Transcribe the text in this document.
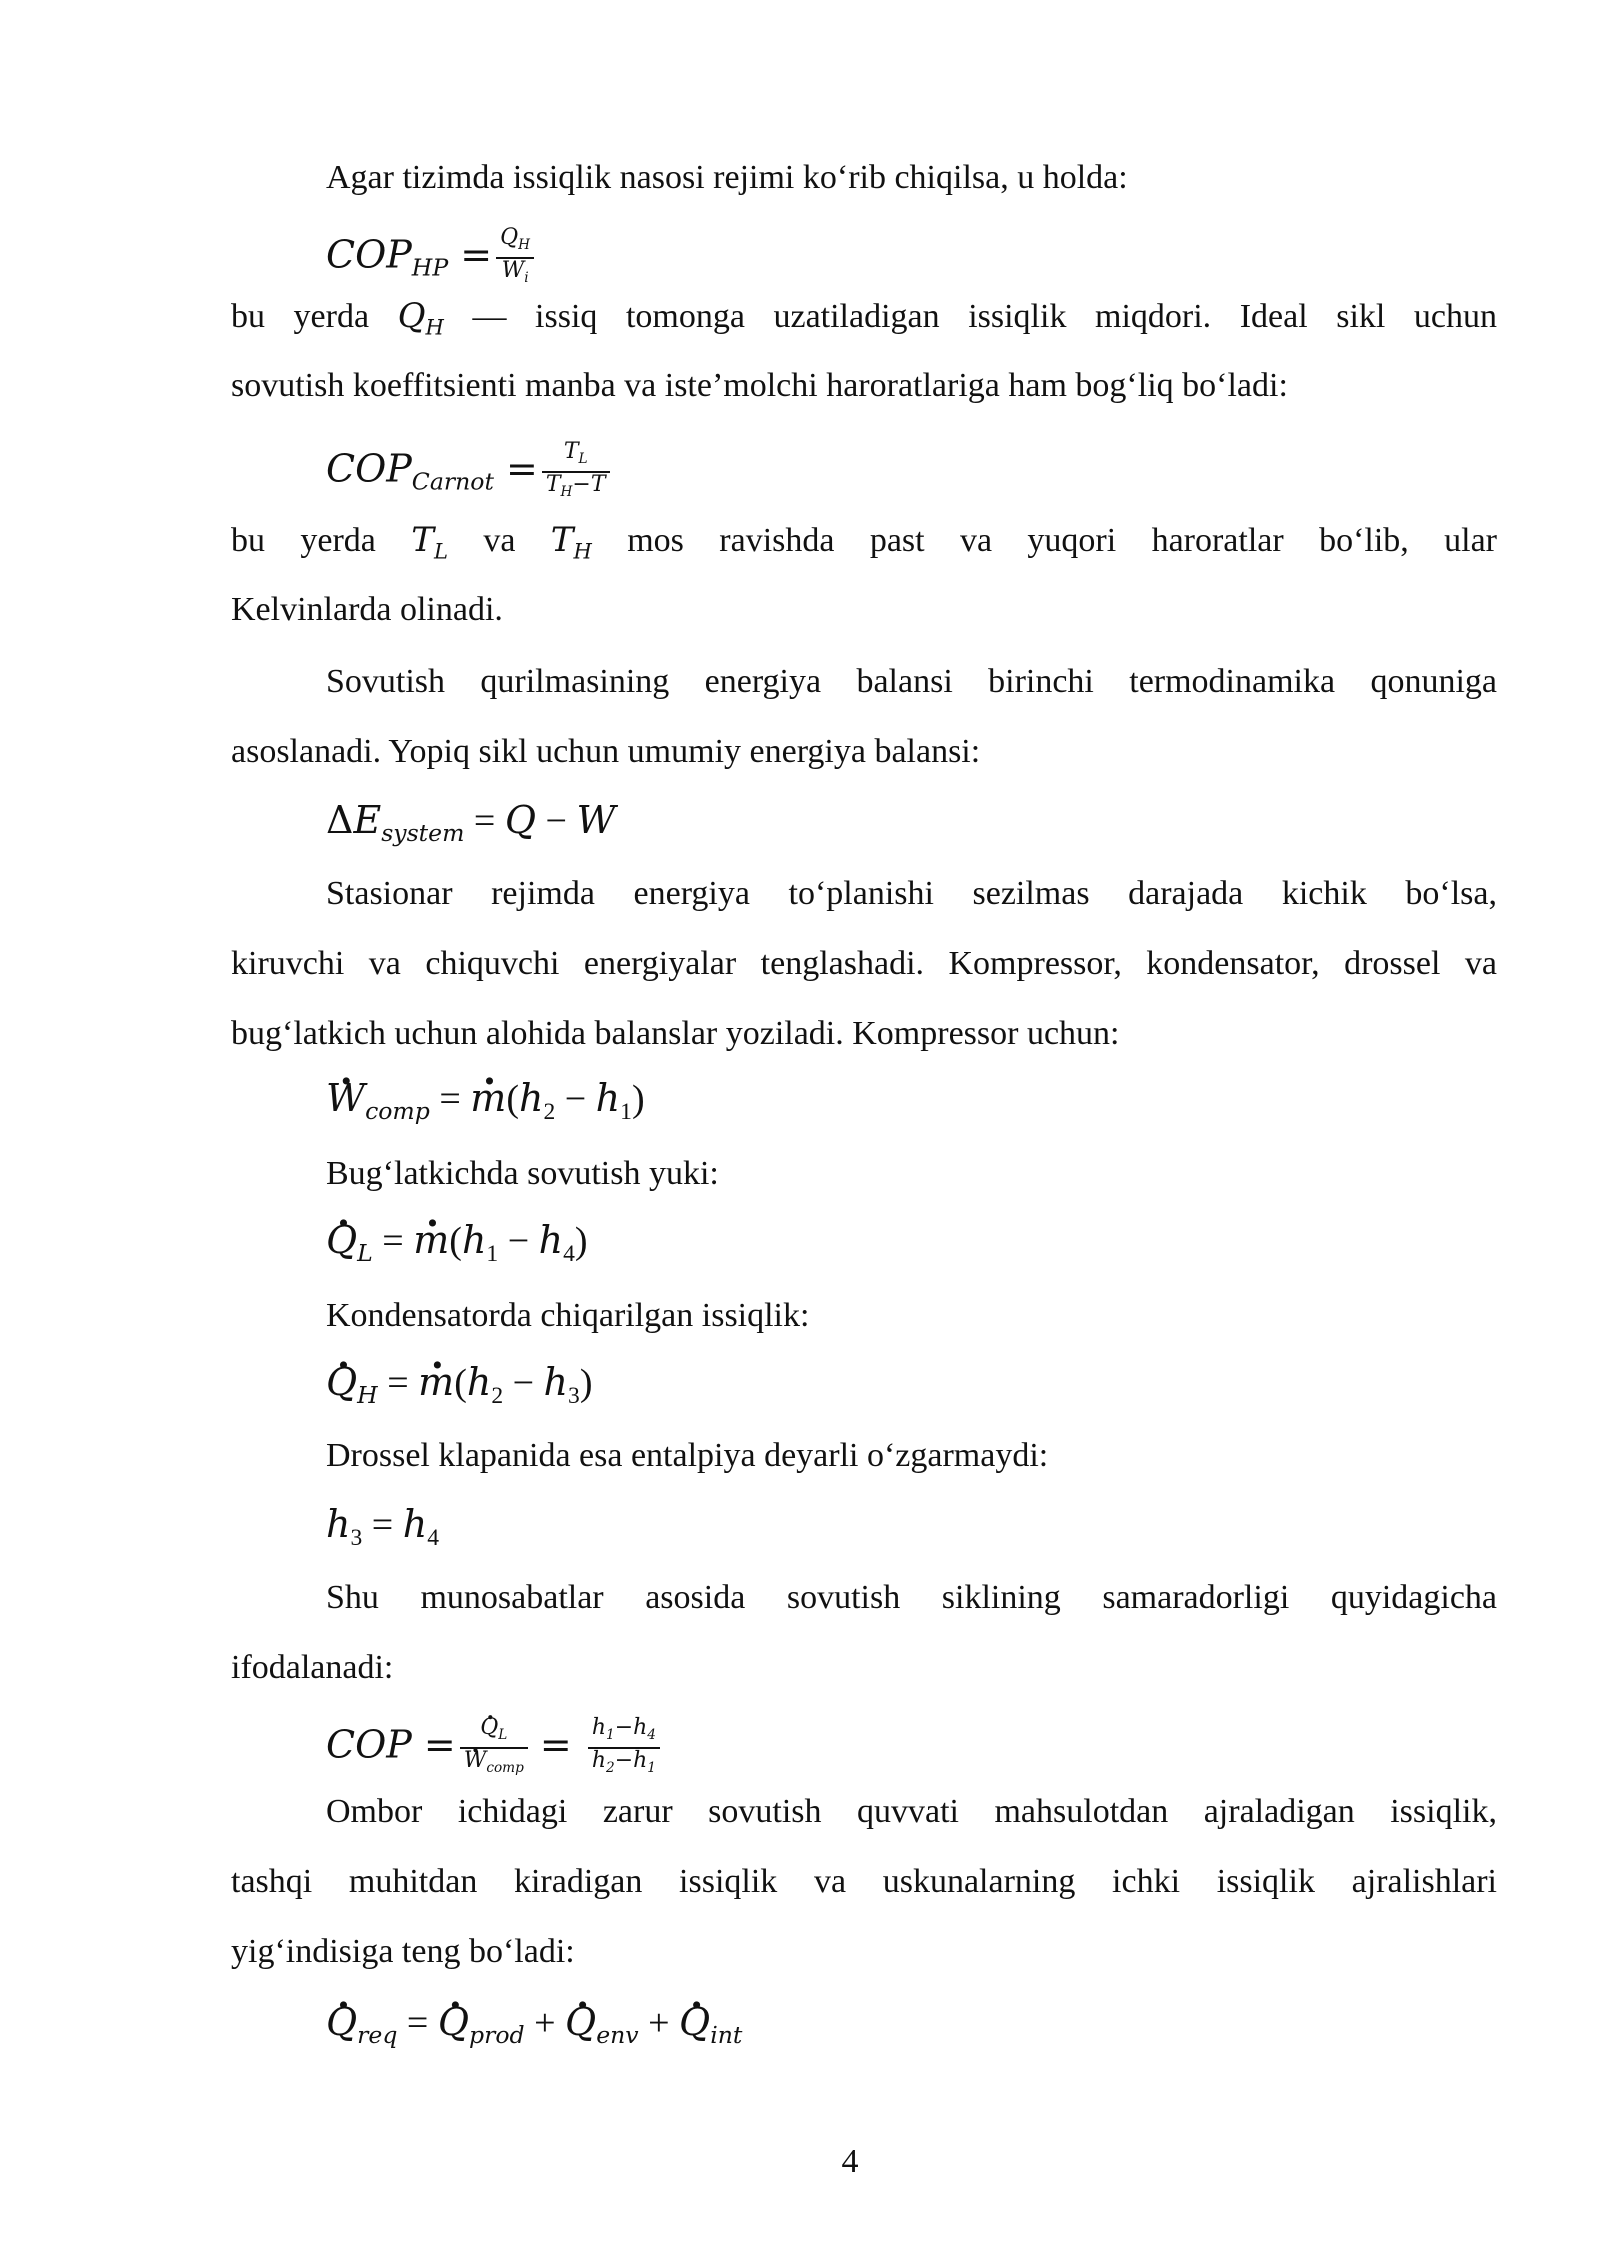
Agar tizimda issiqlik nasosi rejimi ko‘rib chiqilsa, u holda:
$COP_{HP} = \frac{Q_H}{W_i}$
bu yerda $Q_H$ — issiq tomonga uzatiladigan issiqlik miqdori. Ideal sikl uchun
sovutish koeffitsienti manba va iste’molchi haroratlariga ham bog‘liq bo‘ladi:
$COP_{Carnot} = \frac{T_L}{T_H-T}$
bu yerda $T_L$ va $T_H$ mos ravishda past va yuqori haroratlar bo‘lib, ular
Kelvinlarda olinadi.
Sovutish qurilmasining energiya balansi birinchi termodinamika qonuniga
asoslanadi. Yopiq sikl uchun umumiy energiya balansi:
$\Delta E_{system} = Q - W$
Stasionar rejimda energiya to‘planishi sezilmas darajada kichik bo‘lsa,
kiruvchi va chiquvchi energiyalar tenglashadi. Kompressor, kondensator, drossel va
bug‘latkich uchun alohida balanslar yoziladi. Kompressor uchun:
. $W_{comp}$ = . $m(h_2 - h_1)$
Bug‘latkichda sovutish yuki:
. $Q_L$ = . $m(h_1 - h_4)$
Kondensatorda chiqarilgan issiqlik:
. $Q_H$ = . $m(h_2 - h_3)$
Drossel klapanida esa entalpiya deyarli o‘zgarmaydi:
$h_3 = h_4$
Shu munosabatlar asosida sovutish siklining samaradorligi quyidagicha
ifodalanadi:
COP =
. $Q_L$
. $W_{comp} = \frac{h_1-h_4}{h_2-h_1}$
Ombor ichidagi zarur sovutish quvvati mahsulotdan ajraladigan issiqlik,
tashqi muhitdan kiradigan issiqlik va uskunalarning ichki issiqlik ajralishlari
yig‘indisiga teng bo‘ladi:
. $Q_{req}$ = . $Q_{prod}$ + . $Q_{env}$ + . $Q_{int}$
4
